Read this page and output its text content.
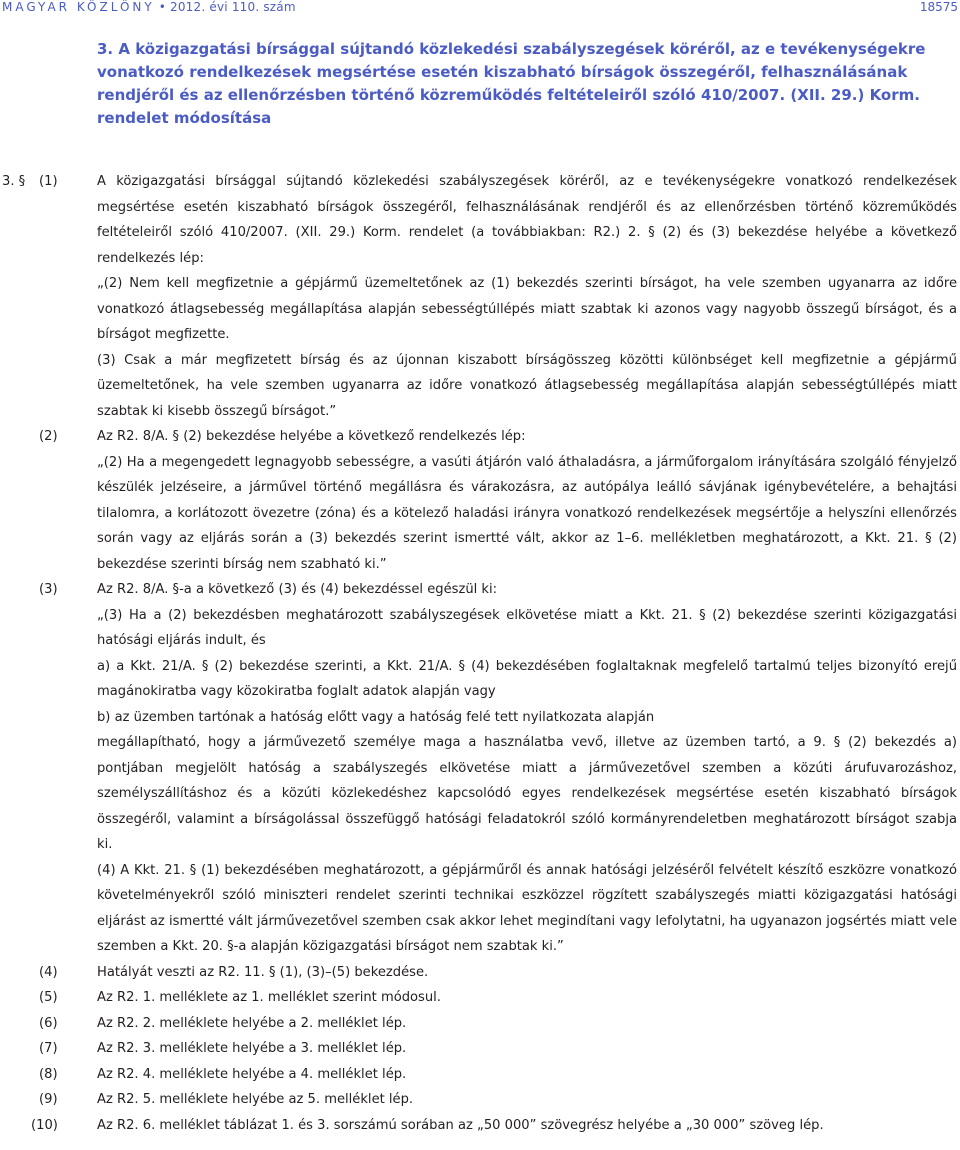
MAGYAR KÖZLÖNY • 2012. évi 110. szám	18575
3. A közigazgatási bírsággal sújtandó közlekedési szabályszegések köréről, az e tevékenységekre vonatkozó rendelkezések megsértése esetén kiszabható bírságok összegéről, felhasználásának rendjéről és az ellenőrzésben történő közreműködés feltételeiről szóló 410/2007. (XII. 29.) Korm. rendelet módosítása
3. § (1)	A közigazgatási bírsággal sújtandó közlekedési szabályszegések köréről, az e tevékenységekre vonatkozó rendelkezések megsértése esetén kiszabható bírságok összegéről, felhasználásának rendjéről és az ellenőrzésben történő közreműködés feltételeiről szóló 410/2007. (XII. 29.) Korm. rendelet (a továbbiakban: R2.) 2. § (2) és (3) bekezdése helyébe a következő rendelkezés lép:

„(2) Nem kell megfizetnie a gépjármű üzemeltetőnek az (1) bekezdés szerinti bírságot, ha vele szemben ugyanarra az időre vonatkozó átlagsebesség megállapítása alapján sebességtúllépés miatt szabtak ki azonos vagy nagyobb összegű bírságot, és a bírságot megfizette.

(3) Csak a már megfizetett bírság és az újonnan kiszabott bírságösszeg közötti különbséget kell megfizetnie a gépjármű üzemeltetőnek, ha vele szemben ugyanarra az időre vonatkozó átlagsebesség megállapítása alapján sebességtúllépés miatt szabtak ki kisebb összegű bírságot.”

(2)	Az R2. 8/A. § (2) bekezdése helyébe a következő rendelkezés lép:

„(2) Ha a megengedett legnagyobb sebességre, a vasúti átjárón való áthaladásra, a járműforgalom irányítására szolgáló fényjelző készülék jelzéseire, a járművel történő megállásra és várakozásra, az autópálya leálló sávjának igénybevételére, a behajtási tilalomra, a korlátozott övezetre (zóna) és a kötelező haladási irányra vonatkozó rendelkezések megsértője a helyszíni ellenőrzés során vagy az eljárás során a (3) bekezdés szerint ismertté vált, akkor az 1–6. mellékletben meghatározott, a Kkt. 21. § (2) bekezdése szerinti bírság nem szabható ki.”

(3)	Az R2. 8/A. §-a a következő (3) és (4) bekezdéssel egészül ki:

„(3) Ha a (2) bekezdésben meghatározott szabályszegések elkövetése miatt a Kkt. 21. § (2) bekezdése szerinti közigazgatási hatósági eljárás indult, és

a) a Kkt. 21/A. § (2) bekezdése szerinti, a Kkt. 21/A. § (4) bekezdésében foglaltaknak megfelelő tartalmú teljes bizonyító erejű magánokiratba vagy közokiratba foglalt adatok alapján vagy

b) az üzemben tartónak a hatóság előtt vagy a hatóság felé tett nyilatkozata alapján

megállapítható, hogy a járművezető személye maga a használatba vevő, illetve az üzemben tartó, a 9. § (2) bekezdés a) pontjában megjelölt hatóság a szabályszegés elkövetése miatt a járművezetővel szemben a közúti árufuvarozáshoz, személyszállításhoz és a közúti közlekedéshez kapcsolódó egyes rendelkezések megsértése esetén kiszabható bírságok összegéről, valamint a bírságolással összefüggő hatósági feladatokról szóló kormányrendeletben meghatározott bírságot szabja ki.

(4) A Kkt. 21. § (1) bekezdésében meghatározott, a gépjárműről és annak hatósági jelzéséről felvételt készítő eszközre vonatkozó követelményekről szóló miniszteri rendelet szerinti technikai eszközzel rögzített szabályszegés miatti közigazgatási hatósági eljárást az ismertté vált járművezetővel szemben csak akkor lehet megindítani vagy lefolytatni, ha ugyanazon jogsértés miatt vele szemben a Kkt. 20. §-a alapján közigazgatási bírságot nem szabtak ki.”

(4)	Hatályát veszti az R2. 11. § (1), (3)–(5) bekezdése.

(5)	Az R2. 1. melléklete az 1. melléklet szerint módosul.

(6)	Az R2. 2. melléklete helyébe a 2. melléklet lép.

(7)	Az R2. 3. melléklete helyébe a 3. melléklet lép.

(8)	Az R2. 4. melléklete helyébe a 4. melléklet lép.

(9)	Az R2. 5. melléklete helyébe az 5. melléklet lép.

(10)	Az R2. 6. melléklet táblázat 1. és 3. sorszámú sorában az „50 000” szövegrész helyébe a „30 000” szöveg lép.
